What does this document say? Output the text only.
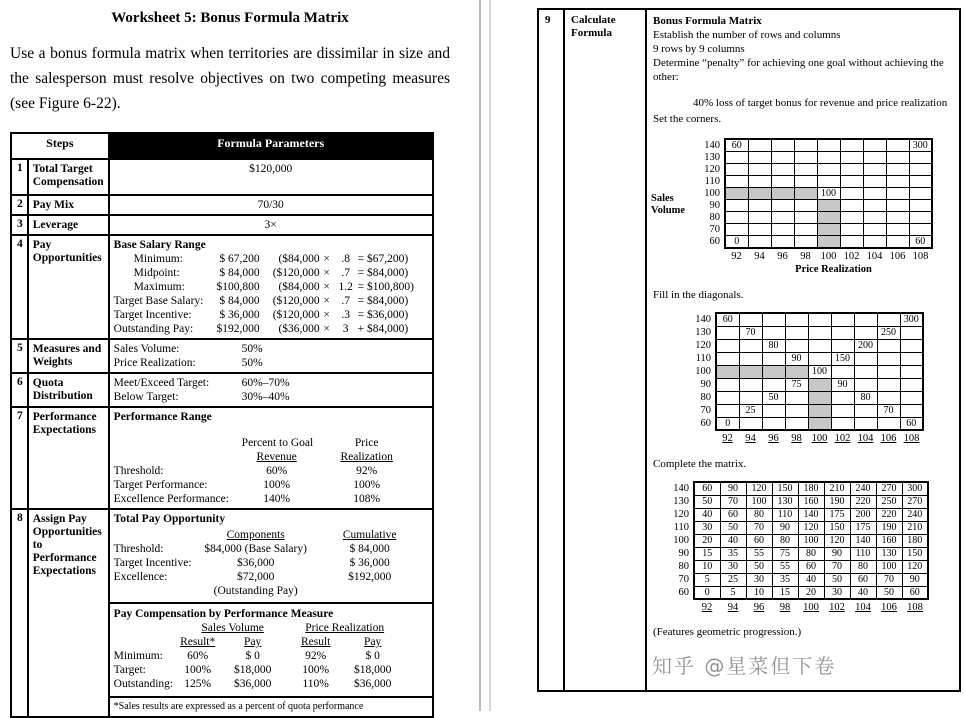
Worksheet 5: Bonus Formula Matrix
Use a bonus formula matrix when territories are dissimilar in size and the salesperson must resolve objectives on two competing measures (see Figure 6-22).
Steps		Formula Parameters
1	Total Target Compensation	$120,000
2	Pay Mix	70/30
3	Leverage	3×
4	Pay Opportunities	
Base Salary Range
Minimum:	$ 67,200	($84,000 × .8 = $67,200)
Midpoint:	$ 84,000	($120,000 × .7 = $84,000)
Maximum:	$100,800	($84,000 × 1.2 = $100,800)
Target Base Salary:	$ 84,000	($120,000 × .7 = $84,000)
Target Incentive:	$ 36,000	($120,000 × .3 = $36,000)
Outstanding Pay:	$192,000	($36,000 ×	3 + $84,000)

5	Measures and Weights	Sales Volume: 50%
Price Realization: 50%

6	Quota Distribution	Meet/Exceed Target: 60%–70%
Below Target: 30%–40%

7	Performance Expectations	
Performance Range
Percent to Goal	Price
Revenue	Realization
Threshold:	60%	92%
Target Performance:	100%	100%
Excellence Performance:	140%	108%

8	Assign Pay Opportunities to Performance Expectations	
Total Pay Opportunity
Components	Cumulative
Threshold:	$84,000 (Base Salary)	$ 84,000
Target Incentive:	$36,000	$ 36,000
Excellence:	$72,000	$192,000
(Outstanding Pay)
Pay Compensation by Performance Measure
Sales Volume	Price Realization
Result*	Pay	Result	Pay
Minimum:	60%	$ 0	92%	$ 0
Target:	100%	$18,000	100%	$18,000
Outstanding: 125%	$36,000	110%	$36,000
*Sales results are expressed as a percent of quota performance
9	Calculate Formula	

Bonus Formula Matrix

Establish the number of rows and columns

9 rows by 9 columns

Determine “penalty” for achieving one goal without achieving the other:

40% loss of target bonus for revenue and price realization

Set the corners.

Sales
Volume
140	60								300
130									
120									
110									
100					100				
90									
80									
70									
60	0								60
	92	94	96	98	100	102	104	106	108
Price Realization

Fill in the diagonals.

140	60								300
130		70						250	
120			80				200		
110				90		150			
100					100				
90				75		90			
80			50				80		
70		25						70	
60	0								60
	92	94	96	98	100	102	104	106	108

Complete the matrix.

140	60	90	120	150	180	210	240	270	300
130	50	70	100	130	160	190	220	250	270
120	40	60	80	110	140	175	200	220	240
110	30	50	70	90	120	150	175	190	210
100	20	40	60	80	100	120	140	160	180
90	15	35	55	75	80	90	110	130	150
80	10	30	50	55	60	70	80	100	120
70	5	25	30	35	40	50	60	70	90
60	0	5	10	15	20	30	40	50	60
	92	94	96	98	100	102	104	106	108

(Features geometric progression.)

知乎 @星菜但下卷
